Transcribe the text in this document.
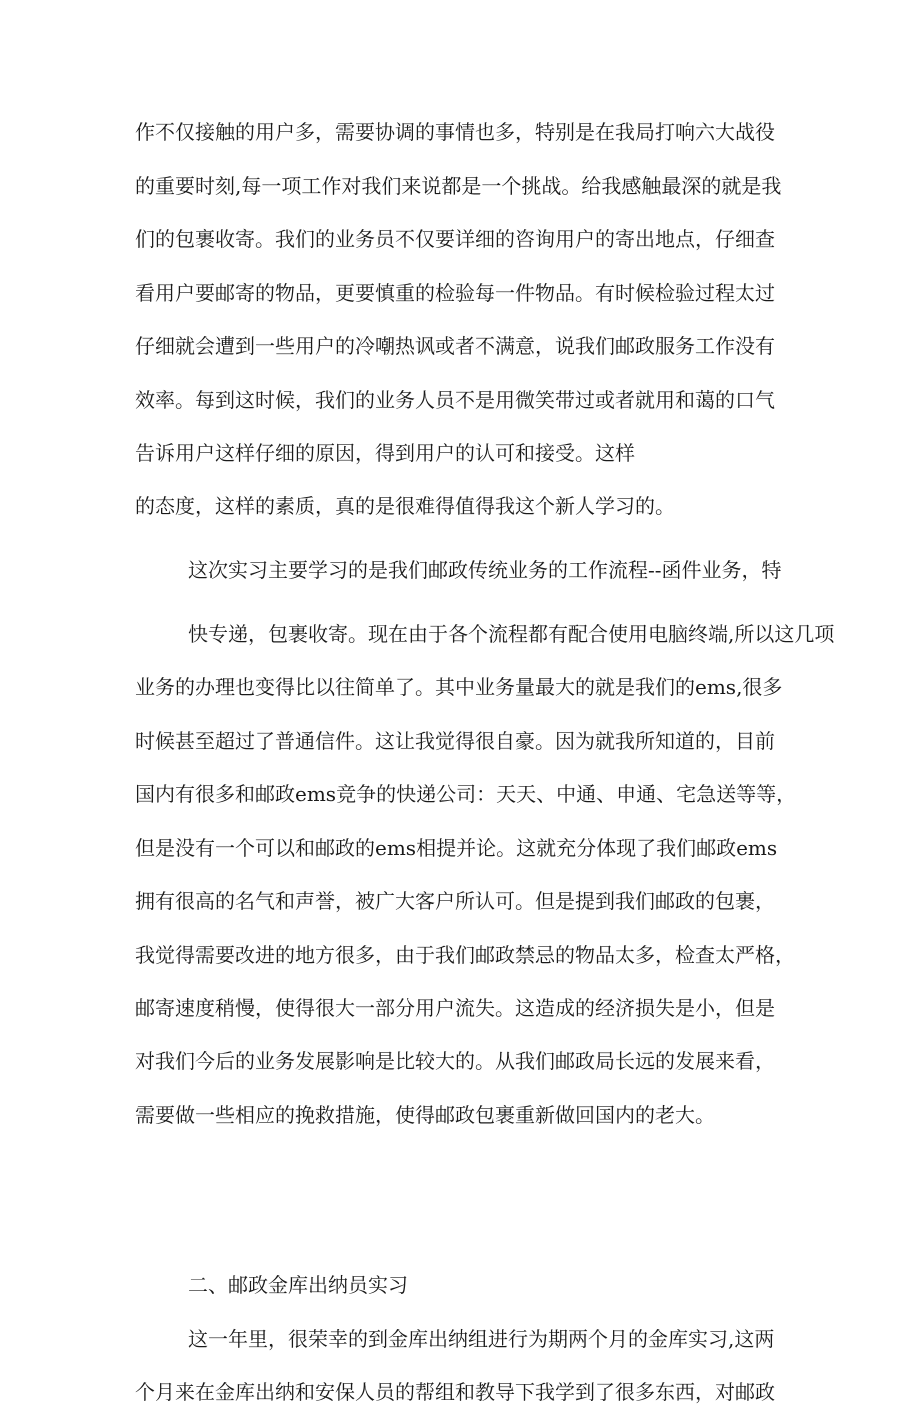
作不仅接触的用户多，需要协调的事情也多，特别是在我局打响六大战役

的重要时刻,每一项工作对我们来说都是一个挑战。给我感触最深的就是我

们的包裹收寄。我们的业务员不仅要详细的咨询用户的寄出地点，仔细查

看用户要邮寄的物品，更要慎重的检验每一件物品。有时候检验过程太过

仔细就会遭到一些用户的冷嘲热讽或者不满意，说我们邮政服务工作没有

效率。每到这时候，我们的业务人员不是用微笑带过或者就用和蔼的口气

告诉用户这样仔细的原因，得到用户的认可和接受。这样

的态度，这样的素质，真的是很难得值得我这个新人学习的。

这次实习主要学习的是我们邮政传统业务的工作流程--函件业务，特

快专递，包裹收寄。现在由于各个流程都有配合使用电脑终端,所以这几项

业务的办理也变得比以往简单了。其中业务量最大的就是我们的ems,很多

时候甚至超过了普通信件。这让我觉得很自豪。因为就我所知道的，目前

国内有很多和邮政ems竞争的快递公司：天天、中通、申通、宅急送等等，

但是没有一个可以和邮政的ems相提并论。这就充分体现了我们邮政ems

拥有很高的名气和声誉，被广大客户所认可。但是提到我们邮政的包裹，

我觉得需要改进的地方很多，由于我们邮政禁忌的物品太多，检查太严格，

邮寄速度稍慢，使得很大一部分用户流失。这造成的经济损失是小，但是

对我们今后的业务发展影响是比较大的。从我们邮政局长远的发展来看，

需要做一些相应的挽救措施，使得邮政包裹重新做回国内的老大。

二、邮政金库出纳员实习

这一年里，很荣幸的到金库出纳组进行为期两个月的金库实习,这两

个月来在金库出纳和安保人员的帮组和教导下我学到了很多东西，对邮政
